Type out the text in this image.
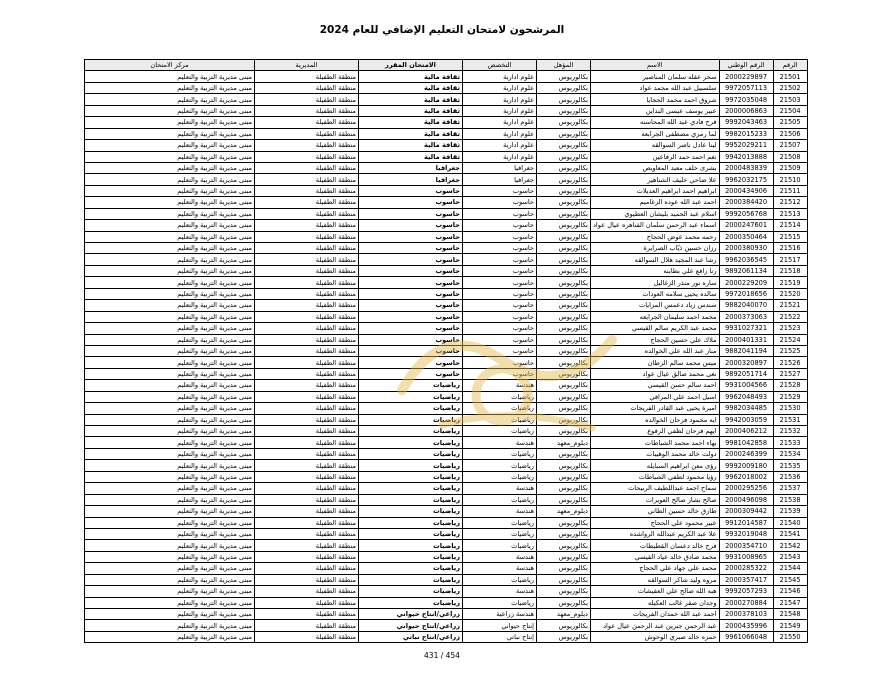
المرشحون لامتحان التعليم الإضافي للعام 2024
الرقم	الرقم الوطني	الاسم	المؤهل	التخصص	الامتحان المقرر	المديرية	مركز الامتحان
21501	2000229897	سحر عقله سلمان المناصير	بكالوريوس	علوم ادارية	ثقافة مالية	منطقة الطفيلة	مبنى مديرية التربية والتعليم
21502	9972057113	سلسبيل عبد الله محمد عواد	بكالوريوس	علوم ادارية	ثقافة مالية	منطقة الطفيلة	مبنى مديرية التربية والتعليم
21503	9972035048	شروق احمد محمد الحجايا	بكالوريوس	علوم ادارية	ثقافة مالية	منطقة الطفيلة	مبنى مديرية التربية والتعليم
21504	2000006863	عبير يوسف عيسى البداين	بكالوريوس	علوم ادارية	ثقافة مالية	منطقة الطفيلة	مبنى مديرية التربية والتعليم
21505	9992043463	فرح فادي عبد الله المحاسنه	بكالوريوس	علوم ادارية	ثقافة مالية	منطقة الطفيلة	مبنى مديرية التربية والتعليم
21506	9982015233	لما رمزي مصطفى الجرابعه	بكالوريوس	علوم ادارية	ثقافة مالية	منطقة الطفيلة	مبنى مديرية التربية والتعليم
21507	9952029211	لينا عادل ناصر السوالقه	بكالوريوس	علوم ادارية	ثقافة مالية	منطقة الطفيلة	مبنى مديرية التربية والتعليم
21508	9942013888	نغم احمد حمد الرفاعين	بكالوريوس	علوم ادارية	ثقافة مالية	منطقة الطفيلة	مبنى مديرية التربية والتعليم
21509	2000483839	بشرى خلف معبد المعاويص	بكالوريوس	جغرافيا	جغرافيا	منطقة الطفيلة	مبنى مديرية التربية والتعليم
21510	9962032175	علا ضاحي خليف الشناهير	بكالوريوس	جغرافيا	جغرافيا	منطقة الطفيلة	مبنى مديرية التربية والتعليم
21511	2000434906	ابراهيم احمد ابراهيم العديلات	بكالوريوس	حاسوب	حاسوب	منطقة الطفيلة	مبنى مديرية التربية والتعليم
21512	2000384420	احمد عبد الله عوده الزغاميم	بكالوريوس	حاسوب	حاسوب	منطقة الطفيلة	مبنى مديرية التربية والتعليم
21513	9992056768	اسلام عبد الحميد بليشان العطيوي	بكالوريوس	حاسوب	حاسوب	منطقة الطفيلة	مبنى مديرية التربية والتعليم
21514	2000247601	اسماء عبد الرحمن سلمان القناهره عيال عواد	بكالوريوس	حاسوب	حاسوب	منطقة الطفيلة	مبنى مديرية التربية والتعليم
21515	2000350464	رحمه محمد عوض الحجاج	بكالوريوس	حاسوب	حاسوب	منطقة الطفيلة	مبنى مديرية التربية والتعليم
21516	2000380930	رزان حسين ذيّاب الصرايرة	بكالوريوس	حاسوب	حاسوب	منطقة الطفيلة	مبنى مديرية التربية والتعليم
21517	9962036545	رشا عبد المجيد هلال السوالقه	بكالوريوس	حاسوب	حاسوب	منطقة الطفيلة	مبنى مديرية التربية والتعليم
21518	9892061134	رنا رافع علي بطاينه	بكالوريوس	حاسوب	حاسوب	منطقة الطفيلة	مبنى مديرية التربية والتعليم
21519	2000229209	ساره نور منذر الزغاليل	بكالوريوس	حاسوب	حاسوب	منطقة الطفيلة	مبنى مديرية التربية والتعليم
21520	9972018656	سالده يحيى سلامه العودات	بكالوريوس	حاسوب	حاسوب	منطقة الطفيلة	مبنى مديرية التربية والتعليم
21521	9882040070	سندس زياد دعمس المزايات	بكالوريوس	حاسوب	حاسوب	منطقة الطفيلة	مبنى مديرية التربية والتعليم
21522	2000373063	محمد احمد سليمان الجرابعه	بكالوريوس	حاسوب	حاسوب	منطقة الطفيلة	مبنى مديرية التربية والتعليم
21523	9931027321	محمد عبد الكريم سالم القيسي	بكالوريوس	حاسوب	حاسوب	منطقة الطفيلة	مبنى مديرية التربية والتعليم
21524	2000401331	ملاك علي حسين الحجاج	بكالوريوس	حاسوب	حاسوب	منطقة الطفيلة	مبنى مديرية التربية والتعليم
21525	9882041194	منار عبد الله علي الخوالده	بكالوريوس	حاسوب	حاسوب	منطقة الطفيلة	مبنى مديرية التربية والتعليم
21526	2000320897	ميس محمد سالم الرطان	بكالوريوس	حاسوب	حاسوب	منطقة الطفيلة	مبنى مديرية التربية والتعليم
21527	9892051714	نغى محمد صالق عيال عواد	بكالوريوس	حاسوب	حاسوب	منطقة الطفيلة	مبنى مديرية التربية والتعليم
21528	9931004566	احمد سالم حسن القيسي	بكالوريوس	هندسة	رياضيات	منطقة الطفيلة	مبنى مديرية التربية والتعليم
21529	9962048493	اسيل احمد علي المرافي	بكالوريوس	رياضيات	رياضيات	منطقة الطفيلة	مبنى مديرية التربية والتعليم
21530	9982034485	اميرة يحيى عبد القادر الفريجات	بكالوريوس	رياضيات	رياضيات	منطقة الطفيلة	مبنى مديرية التربية والتعليم
21531	9942003059	ايه محمود فرحان الخوالده	بكالوريوس	رياضيات	رياضيات	منطقة الطفيلة	مبنى مديرية التربية والتعليم
21532	2000406212	ايهم فرحان لطفي الرفوع	بكالوريوس	رياضيات	رياضيات	منطقة الطفيلة	مبنى مديرية التربية والتعليم
21533	9981042858	بهاء احمد محمد الشباطات	دبلوم_معهد	هندسة	رياضيات	منطقة الطفيلة	مبنى مديرية التربية والتعليم
21534	2000246399	دولت خالد محمد الوهيبات	بكالوريوس	رياضيات	رياضيات	منطقة الطفيلة	مبنى مديرية التربية والتعليم
21535	9992009180	رؤى معن ابراهيم السبايله	بكالوريوس	رياضيات	رياضيات	منطقة الطفيلة	مبنى مديرية التربية والتعليم
21536	9962018002	رؤيا محمود لطفي الشباطات	بكالوريوس	رياضيات	رياضيات	منطقة الطفيلة	مبنى مديرية التربية والتعليم
21537	2000295256	سماح احمد عبداللطيف الربيحات	بكالوريوس	هندسة	رياضيات	منطقة الطفيلة	مبنى مديرية التربية والتعليم
21538	2000496098	صالح بشار صالح العويرات	بكالوريوس	رياضيات	رياضيات	منطقة الطفيلة	مبنى مديرية التربية والتعليم
21539	2000309442	طارق خالد حسين الطاني	دبلوم_معهد	هندسة	رياضيات	منطقة الطفيلة	مبنى مديرية التربية والتعليم
21540	9912014587	عبير محمود علي الحجاج	بكالوريوس	رياضيات	رياضيات	منطقة الطفيلة	مبنى مديرية التربية والتعليم
21541	9932019048	علا عبد الكريم عبدالله الرواشده	بكالوريوس	رياضيات	رياضيات	منطقة الطفيلة	مبنى مديرية التربية والتعليم
21542	2000354710	فرح خالد دعسان القطيطات	بكالوريوس	رياضيات	رياضيات	منطقة الطفيلة	مبنى مديرية التربية والتعليم
21543	9931008965	محمد صادق خالد عياد القيسي	بكالوريوس	هندسة	رياضيات	منطقة الطفيلة	مبنى مديرية التربية والتعليم
21544	2000285322	محمد علي جهاد علي الحجاج	بكالوريوس	هندسة	رياضيات	منطقة الطفيلة	مبنى مديرية التربية والتعليم
21545	2000357417	مروه وليد شاكر السوالقه	بكالوريوس	رياضيات	رياضيات	منطقة الطفيلة	مبنى مديرية التربية والتعليم
21546	9992057293	هبه الله صالح علي العقيشات	بكالوريوس	هندسة	رياضيات	منطقة الطفيلة	مبنى مديرية التربية والتعليم
21547	2000270884	وجدان صقر غالب العكيله	بكالوريوس	رياضيات	رياضيات	منطقة الطفيلة	مبنى مديرية التربية والتعليم
21548	2000378103	احمد عبد الله حمدان الفريجات	دبلوم_معهد	هندسة زراعية	زراعي/انتاج حيواني	منطقة الطفيلة	مبنى مديرية التربية والتعليم
21549	2000435996	عبد الرحمن جبرين عبد الرحمن عيال عواد	بكالوريوس	إنتاج حيواني	زراعي/انتاج حيواني	منطقة الطفيلة	مبنى مديرية التربية والتعليم
21550	9961066048	حمزه خالد صبري الوحوش	بكالوريوس	إنتاج نباتي	زراعي/انتاج نباتي	منطقة الطفيلة	مبنى مديرية التربية والتعليم
431 / 454
